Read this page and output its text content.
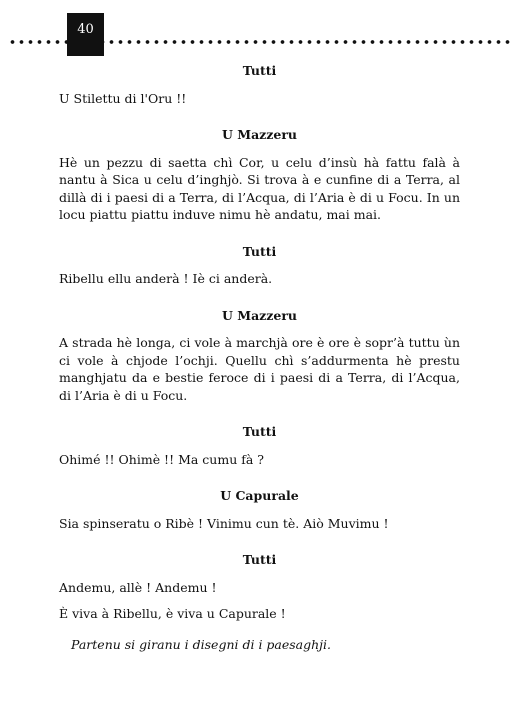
40

Tutti

U Stilettu di l'Oru !!

U Mazzeru

Hè un pezzu di saetta chì Cor, u celu d’insù hà fattu falà à nantu à Sica u celu d’inghjò. Si trova à e cunfine di a Terra, al dillà di i paesi di a Terra, di l’Acqua, di l’Aria è di u Focu. In un locu piattu piattu induve nimu hè andatu, mai mai.

Tutti

Ribellu ellu anderà ! Iè ci anderà.

U Mazzeru

A strada hè longa, ci vole à marchjà ore è ore è sopr’à tuttu ùn ci vole à chjode l’ochji. Quellu chì s’addurmenta hè prestu manghjatu da e bestie feroce di i paesi di a Terra, di l’Acqua, di l’Aria è di u Focu.

Tutti

Ohimé !! Ohimè !! Ma cumu fà ?

U Capurale

Sia spinseratu o Ribè ! Vinimu cun tè. Aiò Muvimu !

Tutti

Andemu, allè ! Andemu !

È viva à Ribellu, è viva u Capurale !

Partenu si giranu i disegni di i paesaghji.
